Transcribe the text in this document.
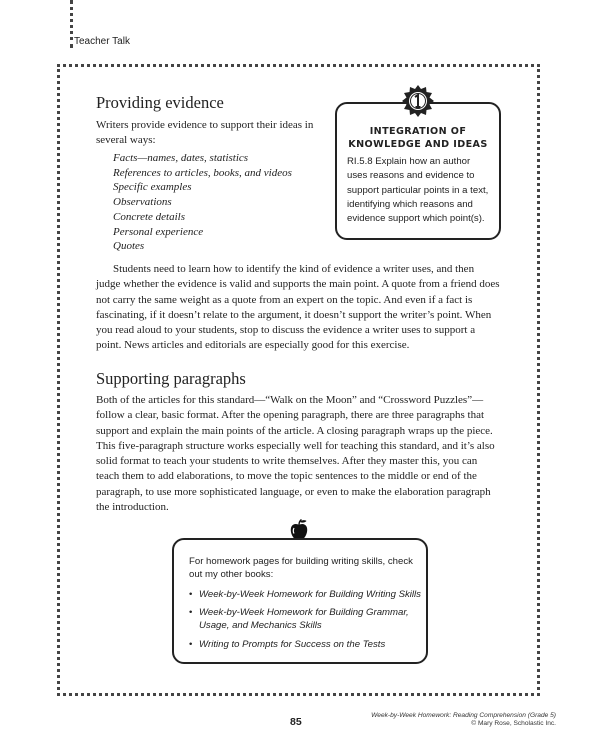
Teacher Talk
Providing evidence

Writers provide evidence to support their ideas in several ways:

Facts—names, dates, statistics
References to articles, books, and videos
Specific examples
Observations
Concrete details
Personal experience
Quotes

Students need to learn how to identify the kind of evidence a writer uses, and then judge whether the evidence is valid and supports the main point. A quote from a friend does not carry the same weight as a quote from an expert on the topic. And even if a fact is fascinating, if it doesn’t relate to the argument, it doesn’t support the writer’s point. When you read aloud to your students, stop to discuss the evidence a writer uses to support a point. News articles and editorials are especially good for this exercise.

INTEGRATION OF
KNOWLEDGE AND IDEAS
RI.5.8 Explain how an author uses reasons and evidence to support particular points in a text, identifying which reasons and evidence support which point(s).
Supporting paragraphs

Both of the articles for this standard—“Walk on the Moon” and “Crossword Puzzles”—follow a clear, basic format. After the opening paragraph, there are three paragraphs that support and explain the main points of the article. A closing paragraph wraps up the piece. This five-paragraph structure works especially well for teaching this standard, and it’s also solid format to teach your students to write themselves. After they master this, you can teach them to add elaborations, to move the topic sentences to the middle or end of the paragraph, to use more sophisticated language, or even to make the elaboration paragraph the introduction.

For homework pages for building writing skills, check out my other books:

• Week-by-Week Homework for Building Writing Skills
• Week-by-Week Homework for Building Grammar, Usage, and Mechanics Skills
• Writing to Prompts for Success on the Tests
85
Week-by-Week Homework: Reading Comprehension (Grade 5)
© Mary Rose, Scholastic Inc.
